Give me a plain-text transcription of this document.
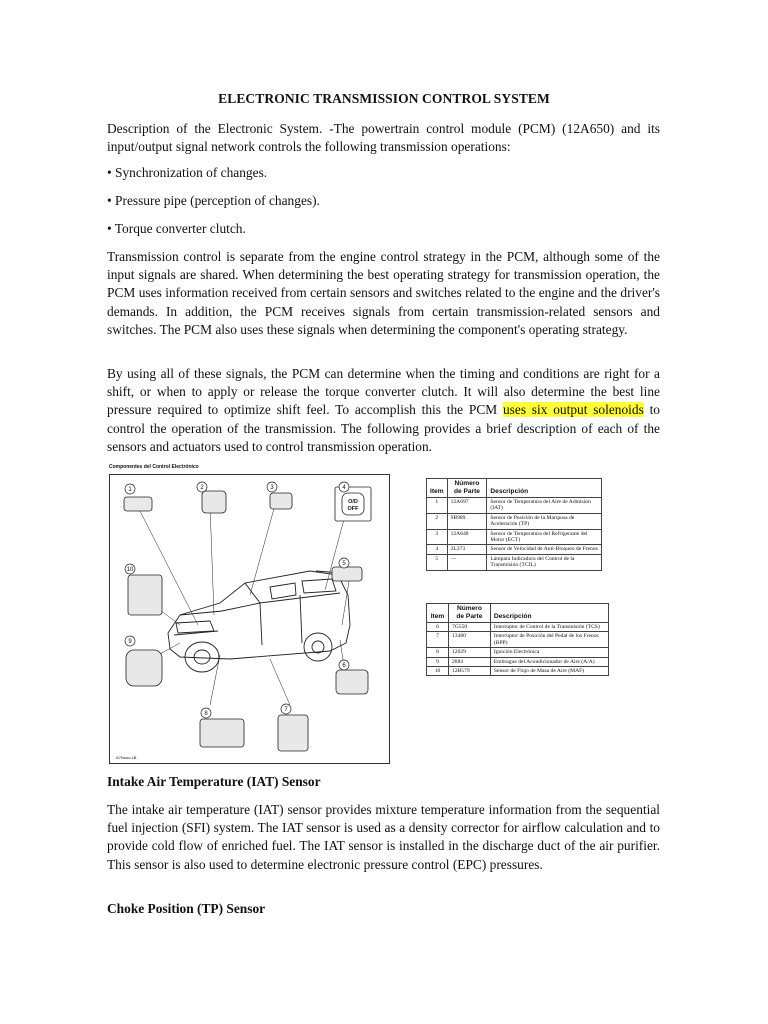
ELECTRONIC TRANSMISSION CONTROL SYSTEM

Description of the Electronic System. -The powertrain control module (PCM) (12A650) and its input/output signal network controls the following transmission operations:

• Synchronization of changes.

• Pressure pipe (perception of changes).

• Torque converter clutch.

Transmission control is separate from the engine control strategy in the PCM, although some of the input signals are shared. When determining the best operating strategy for transmission operation, the PCM uses information received from certain sensors and switches related to the engine and the driver's demands. In addition, the PCM receives signals from certain transmission-related sensors and switches. The PCM also uses these signals when determining the component's operating strategy.

By using all of these signals, the PCM can determine when the timing and conditions are right for a shift, or when to apply or release the torque converter clutch. It will also determine the best line pressure required to optimize shift feel. To accomplish this the PCM uses six output solenoids to control the operation of the transmission. The following provides a brief description of each of the sensors and actuators used to control transmission operation.

Componentes del Control Electrónico
1	2	3	4
5
6
7
8
9
10
O/D
OFF
A7Nooo.LB
Item	Número
de Parte	Descripción
1	12A697	Sensor de Temperatura del Aire de Admisión (IAT)
2	9B989	Sensor de Posición de la Mariposa de Aceleración (TP)
3	12A648	Sensor de Temperatura del Refrigerante del Motor (ECT)
4	2L373	Sensor de Velocidad de Anti-Bloqueo de Frenos
5	—	Lámpara Indicadora del Control de la Transmisión (TCIL)
Item	Número
de Parte	Descripción
6	7G550	Interruptor de Control de la Transmisión (TCS)
7	13480	Interruptor de Posición del Pedal de los Frenos (BPP)
8	12029	Ignición Electrónica
9	2884	Embrague del Acondicionador de Aire (A/A)
10	12B579	Sensor de Flujo de Masa de Aire (MAF)

Intake Air Temperature (IAT) Sensor

The intake air temperature (IAT) sensor provides mixture temperature information from the sequential fuel injection (SFI) system. The IAT sensor is used as a density corrector for airflow calculation and to provide cold flow of enriched fuel. The IAT sensor is installed in the discharge duct of the air purifier. This sensor is also used to determine electronic pressure control (EPC) pressures.

Choke Position (TP) Sensor
